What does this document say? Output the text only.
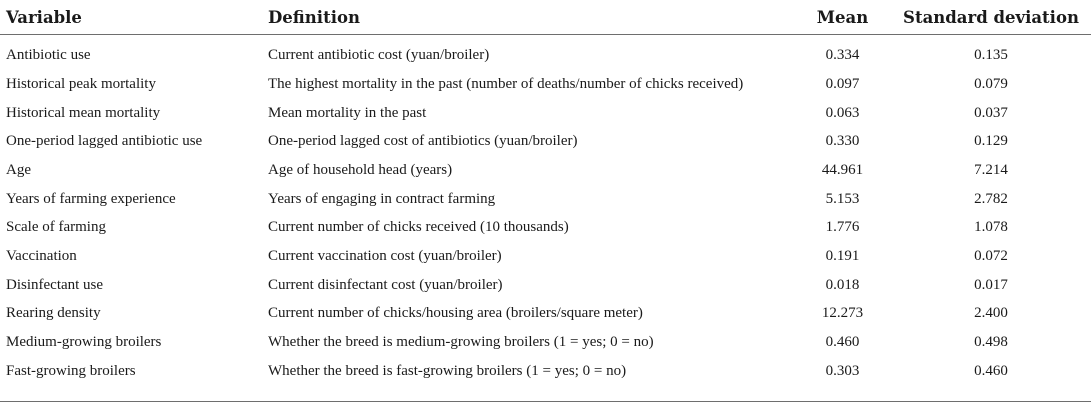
Variable	Definition	Mean	Standard deviation
Antibiotic use	Current antibiotic cost (yuan/broiler)	0.334	0.135
Historical peak mortality	The highest mortality in the past (number of deaths/number of chicks received)	0.097	0.079
Historical mean mortality	Mean mortality in the past	0.063	0.037
One-period lagged antibiotic use	One-period lagged cost of antibiotics (yuan/broiler)	0.330	0.129
Age	Age of household head (years)	44.961	7.214
Years of farming experience	Years of engaging in contract farming	5.153	2.782
Scale of farming	Current number of chicks received (10 thousands)	1.776	1.078
Vaccination	Current vaccination cost (yuan/broiler)	0.191	0.072
Disinfectant use	Current disinfectant cost (yuan/broiler)	0.018	0.017
Rearing density	Current number of chicks/housing area (broilers/square meter)	12.273	2.400
Medium-growing broilers	Whether the breed is medium-growing broilers (1 = yes; 0 = no)	0.460	0.498
Fast-growing broilers	Whether the breed is fast-growing broilers (1 = yes; 0 = no)	0.303	0.460
